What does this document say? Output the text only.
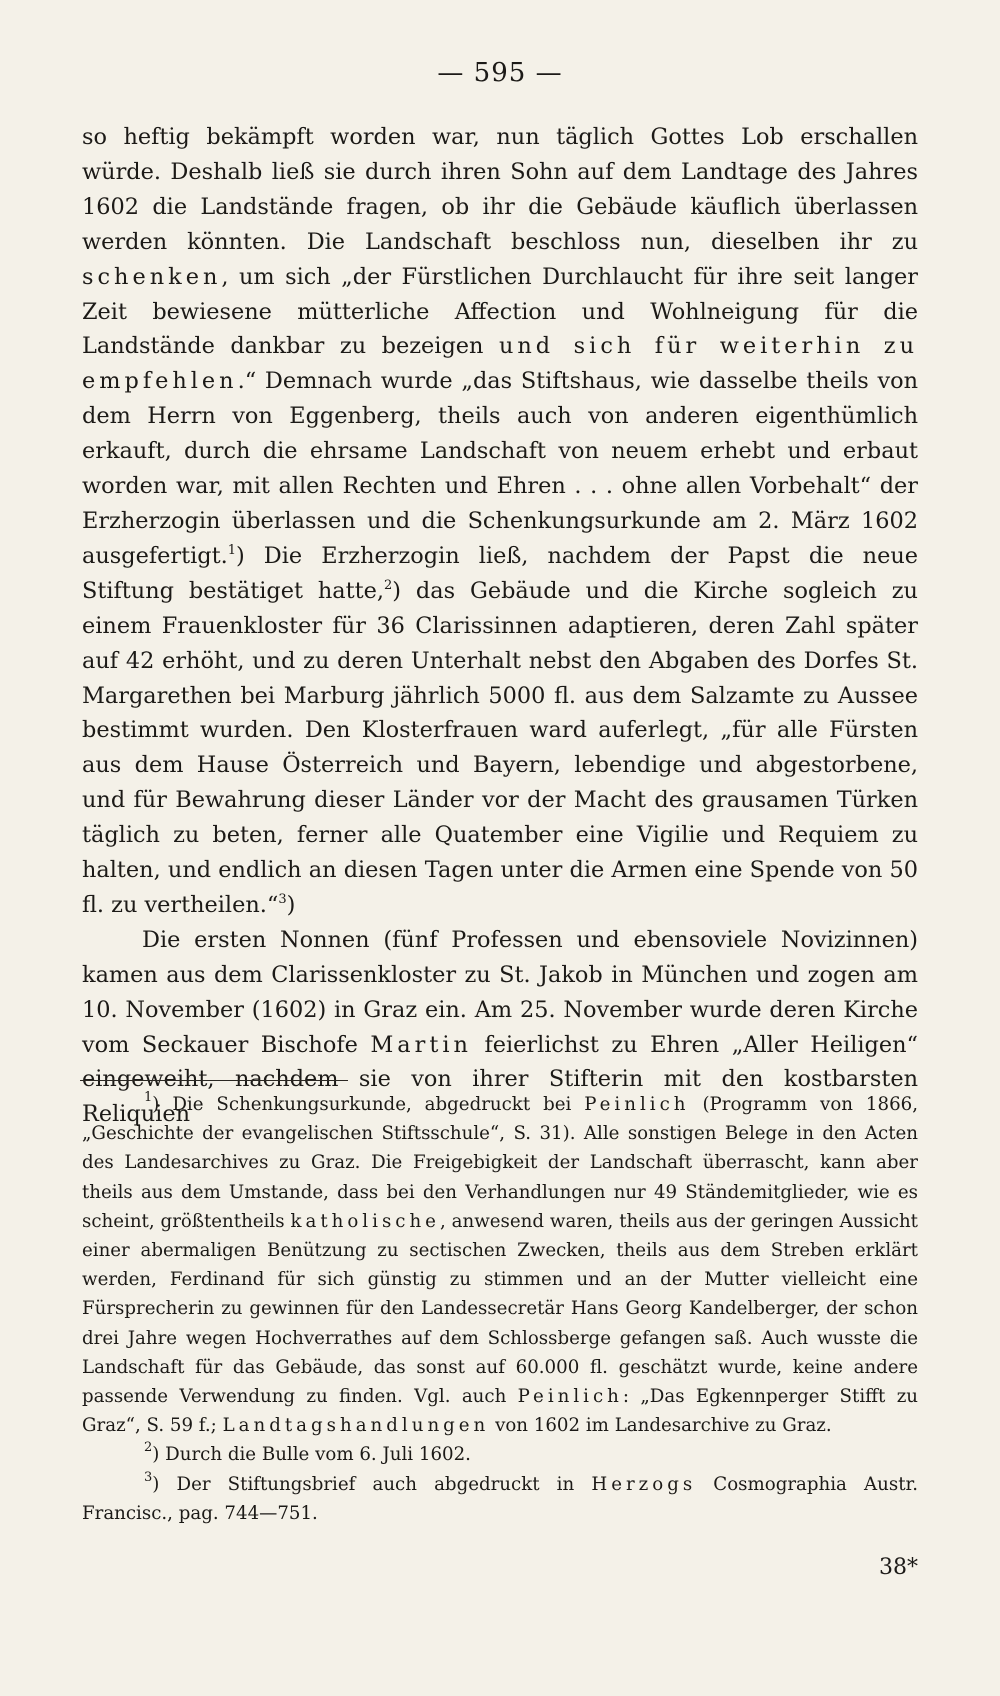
— 595 —

so heftig bekämpft worden war, nun täglich Gottes Lob erschallen würde. Deshalb ließ sie durch ihren Sohn auf dem Landtage des Jahres 1602 die Landstände fragen, ob ihr die Gebäude käuflich überlassen werden könnten. Die Landschaft beschloss nun, dieselben ihr zu schenken, um sich „der Fürstlichen Durchlaucht für ihre seit langer Zeit bewiesene mütterliche Affection und Wohlneigung für die Landstände dankbar zu bezeigen und sich für weiterhin zu empfehlen.“ Demnach wurde „das Stiftshaus, wie dasselbe theils von dem Herrn von Eggenberg, theils auch von anderen eigenthümlich erkauft, durch die ehrsame Landschaft von neuem erhebt und erbaut worden war, mit allen Rechten und Ehren . . . ohne allen Vorbehalt“ der Erzherzogin überlassen und die Schenkungsurkunde am 2. März 1602 ausgefertigt.$^1$) Die Erzherzogin ließ, nachdem der Papst die neue Stiftung bestätiget hatte,$^2$) das Gebäude und die Kirche sogleich zu einem Frauenkloster für 36 Clarissinnen adaptieren, deren Zahl später auf 42 erhöht, und zu deren Unterhalt nebst den Abgaben des Dorfes St. Margarethen bei Marburg jährlich 5000 fl. aus dem Salzamte zu Aussee bestimmt wurden. Den Klosterfrauen ward auferlegt, „für alle Fürsten aus dem Hause Österreich und Bayern, lebendige und abgestorbene, und für Bewahrung dieser Länder vor der Macht des grausamen Türken täglich zu beten, ferner alle Quatember eine Vigilie und Requiem zu halten, und endlich an diesen Tagen unter die Armen eine Spende von 50 fl. zu vertheilen.“$^3$)

Die ersten Nonnen (fünf Professen und ebensoviele Novizinnen) kamen aus dem Clarissenkloster zu St. Jakob in München und zogen am 10. November (1602) in Graz ein. Am 25. November wurde deren Kirche vom Seckauer Bischofe Martin feierlichst zu Ehren „Aller Heiligen“ eingeweiht, nachdem sie von ihrer Stifterin mit den kostbarsten Reliquien

$^1$) Die Schenkungsurkunde, abgedruckt bei Peinlich (Programm von 1866, „Geschichte der evangelischen Stiftsschule“, S. 31). Alle sonstigen Belege in den Acten des Landesarchives zu Graz. Die Freigebigkeit der Landschaft überrascht, kann aber theils aus dem Umstande, dass bei den Verhandlungen nur 49 Ständemitglieder, wie es scheint, größtentheils katholische, anwesend waren, theils aus der geringen Aussicht einer abermaligen Benützung zu sectischen Zwecken, theils aus dem Streben erklärt werden, Ferdinand für sich günstig zu stimmen und an der Mutter vielleicht eine Fürsprecherin zu gewinnen für den Landessecretär Hans Georg Kandelberger, der schon drei Jahre wegen Hochverrathes auf dem Schlossberge gefangen saß. Auch wusste die Landschaft für das Gebäude, das sonst auf 60.000 fl. geschätzt wurde, keine andere passende Verwendung zu finden. Vgl. auch Peinlich: „Das Egkennperger Stifft zu Graz“, S. 59 f.; Landtagshandlungen von 1602 im Landesarchive zu Graz.

$^2$) Durch die Bulle vom 6. Juli 1602.

$^3$) Der Stiftungsbrief auch abgedruckt in Herzogs Cosmographia Austr. Francisc., pag. 744—751.

38*
